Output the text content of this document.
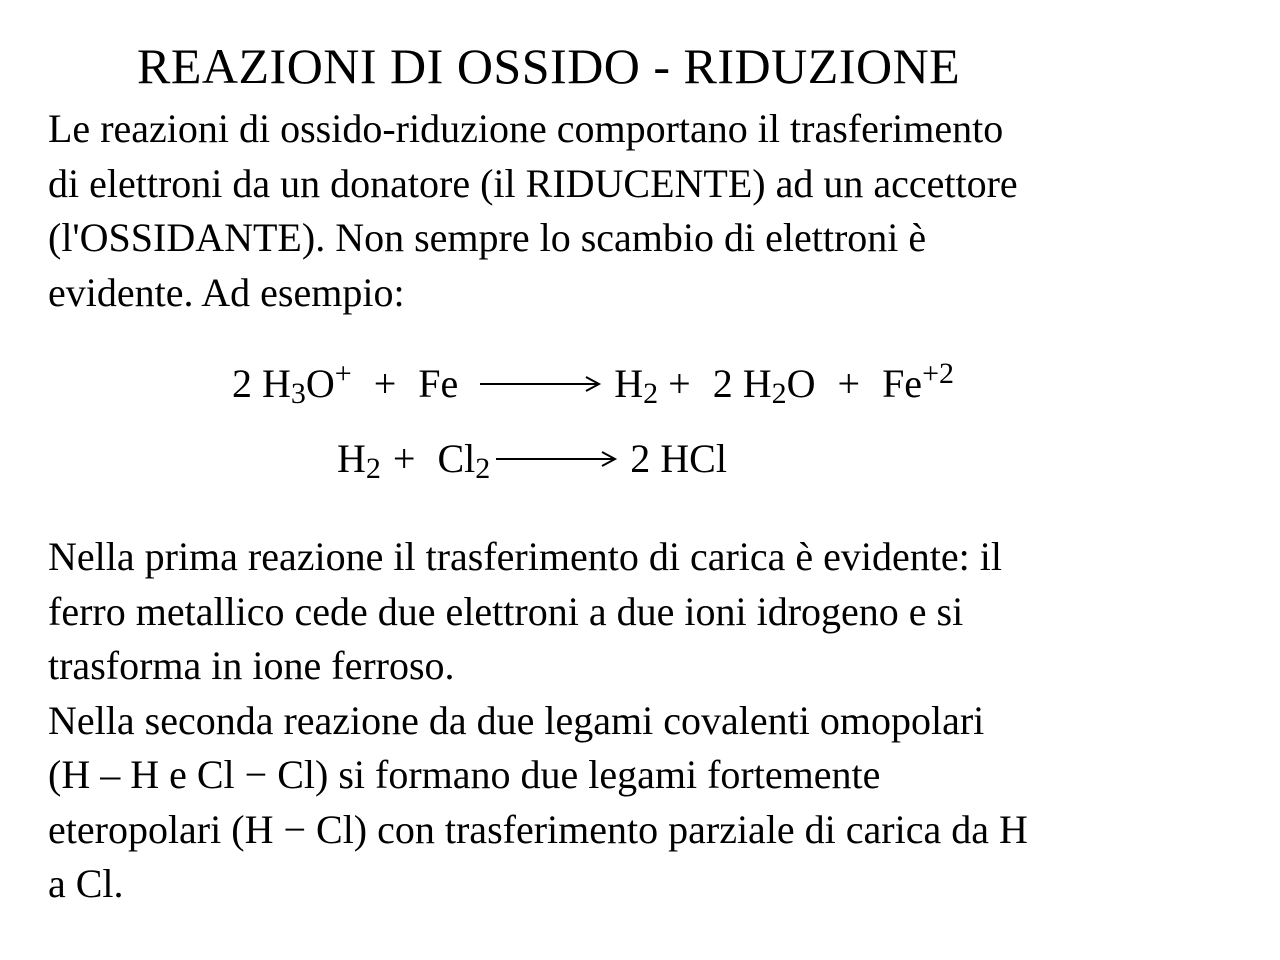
REAZIONI DI OSSIDO - RIDUZIONE
Le reazioni di ossido-riduzione comportano il trasferimento
di elettroni da un donatore (il RIDUCENTE) ad un accettore
(l'OSSIDANTE). Non sempre lo scambio di elettroni è
evidente. Ad esempio:
2 H3O+ + Fe → H2 + 2 $H2O + Fe^{+2}$
H2 + Cl2 → 2 HCl
Nella prima reazione il trasferimento di carica è evidente: il
ferro metallico cede due elettroni a due ioni idrogeno e si
trasforma in ione ferroso.
Nella seconda reazione da due legami covalenti omopolari
(H – H e Cl − Cl) si formano due legami fortemente
eteropolari (H − Cl) con trasferimento parziale di carica da H
a Cl.
